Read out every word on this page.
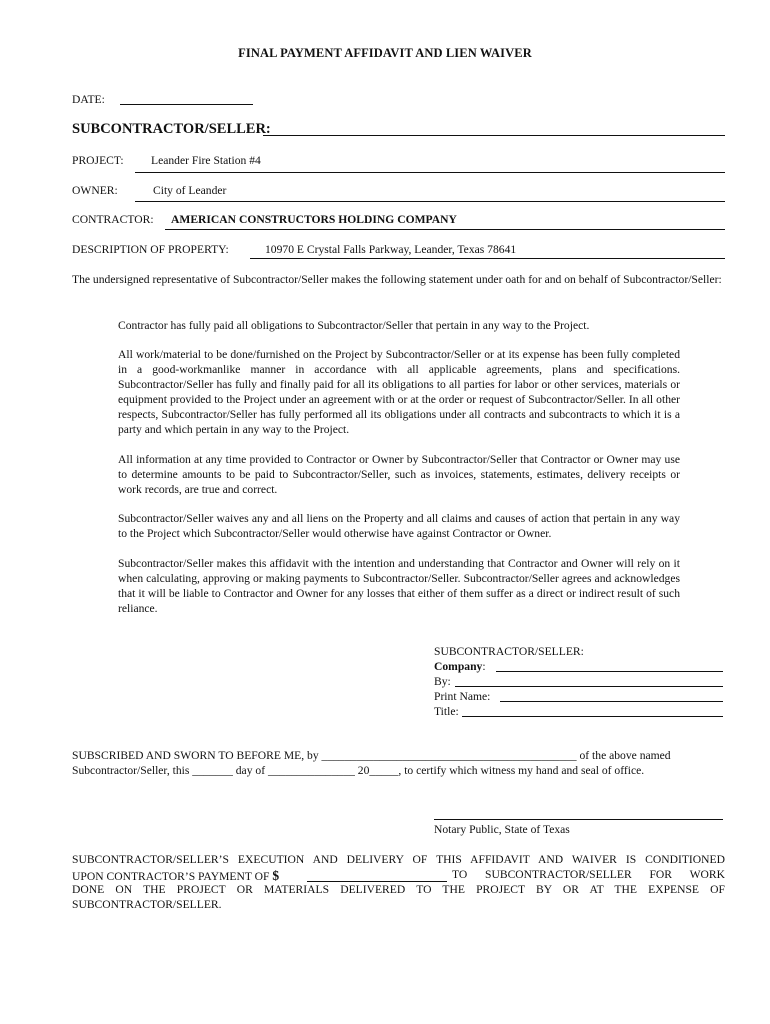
FINAL PAYMENT AFFIDAVIT AND LIEN WAIVER
DATE:
SUBCONTRACTOR/SELLER:
PROJECT: Leander Fire Station #4
OWNER:	City of Leander
CONTRACTOR: AMERICAN CONSTRUCTORS HOLDING COMPANY
DESCRIPTION OF PROPERTY:	10970 E Crystal Falls Parkway, Leander, Texas 78641
The undersigned representative of Subcontractor/Seller makes the following statement under oath for and on behalf of Subcontractor/Seller:
Contractor has fully paid all obligations to Subcontractor/Seller that pertain in any way to the Project.
All work/material to be done/furnished on the Project by Subcontractor/Seller or at its expense has been fully completed in a good-workmanlike manner in accordance with all applicable agreements, plans and specifications. Subcontractor/Seller has fully and finally paid for all its obligations to all parties for labor or other services, materials or equipment provided to the Project under an agreement with or at the order or request of Subcontractor/Seller. In all other respects, Subcontractor/Seller has fully performed all its obligations under all contracts and subcontracts to which it is a party and which pertain in any way to the Project.
All information at any time provided to Contractor or Owner by Subcontractor/Seller that Contractor or Owner may use to determine amounts to be paid to Subcontractor/Seller, such as invoices, statements, estimates, delivery receipts or work records, are true and correct.
Subcontractor/Seller waives any and all liens on the Property and all claims and causes of action that pertain in any way to the Project which Subcontractor/Seller would otherwise have against Contractor or Owner.
Subcontractor/Seller makes this affidavit with the intention and understanding that Contractor and Owner will rely on it when calculating, approving or making payments to Subcontractor/Seller. Subcontractor/Seller agrees and acknowledges that it will be liable to Contractor and Owner for any losses that either of them suffer as a direct or indirect result of such reliance.
SUBCONTRACTOR/SELLER:
Company:
By:
Print Name:
Title:
SUBSCRIBED AND SWORN TO BEFORE ME, by ____________________________________________ of the above named
Subcontractor/Seller, this _______ day of _______________ 20_____, to certify which witness my hand and seal of office.
Notary Public, State of Texas
SUBCONTRACTOR/SELLER’S EXECUTION AND DELIVERY OF THIS AFFIDAVIT AND WAIVER IS CONDITIONED
UPON CONTRACTOR’S PAYMENT OF $	TO SUBCONTRACTOR/SELLER FOR WORK
DONE ON THE PROJECT OR MATERIALS DELIVERED TO THE PROJECT BY OR AT THE EXPENSE OF
SUBCONTRACTOR/SELLER.
